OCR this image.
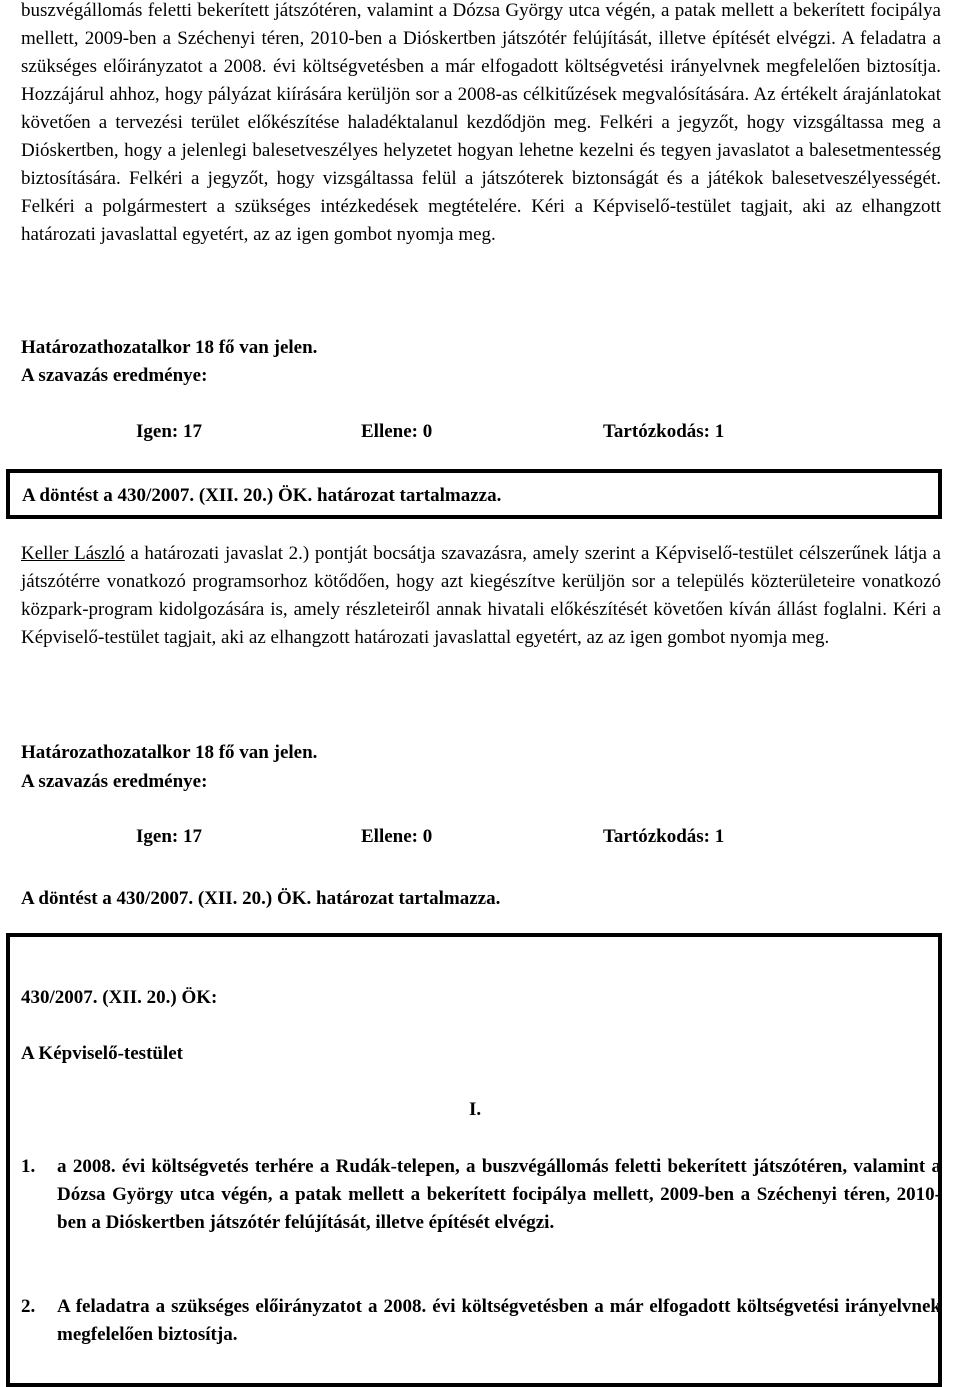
buszvégállomás feletti bekerített játszótéren, valamint a Dózsa György utca végén, a patak mellett a bekerített focipálya mellett, 2009-ben a Széchenyi téren, 2010-ben a Dióskertben játszótér felújítását, illetve építését elvégzi. A feladatra a szükséges előirányzatot a 2008. évi költségvetésben a már elfogadott költségvetési irányelvnek megfelelően biztosítja. Hozzájárul ahhoz, hogy pályázat kiírására kerüljön sor a 2008-as célkitűzések megvalósítására. Az értékelt árajánlatokat követően a tervezési terület előkészítése haladéktalanul kezdődjön meg. Felkéri a jegyzőt, hogy vizsgáltassa meg a Dióskertben, hogy a jelenlegi balesetveszélyes helyzetet hogyan lehetne kezelni és tegyen javaslatot a balesetmentesség biztosítására. Felkéri a jegyzőt, hogy vizsgáltassa felül a játszóterek biztonságát és a játékok balesetveszélyességét. Felkéri a polgármestert a szükséges intézkedések megtételére. Kéri a Képviselő-testület tagjait, aki az elhangzott határozati javaslattal egyetért, az az igen gombot nyomja meg.

Határozathozatalkor 18 fő van jelen.
A szavazás eredménye:
Igen: 17	Ellene: 0	Tartózkodás: 1
A döntést a 430/2007. (XII. 20.) ÖK. határozat tartalmazza.

Keller László a határozati javaslat 2.) pontját bocsátja szavazásra, amely szerint a Képviselő-testület célszerűnek látja a játszótérre vonatkozó programsorhoz kötődően, hogy azt kiegészítve kerüljön sor a település közterületeire vonatkozó közpark-program kidolgozására is, amely részleteiről annak hivatali előkészítését követően kíván állást foglalni. Kéri a Képviselő-testület tagjait, aki az elhangzott határozati javaslattal egyetért, az az igen gombot nyomja meg.

Határozathozatalkor 18 fő van jelen.
A szavazás eredménye:
Igen: 17	Ellene: 0	Tartózkodás: 1
A döntést a 430/2007. (XII. 20.) ÖK. határozat tartalmazza.
430/2007. (XII. 20.) ÖK:
A Képviselő-testület
I.
1. a 2008. évi költségvetés terhére a Rudák-telepen, a buszvégállomás feletti bekerített játszótéren, valamint a Dózsa György utca végén, a patak mellett a bekerített focipálya mellett, 2009-ben a Széchenyi téren, 2010-ben a Dióskertben játszótér felújítását, illetve építését elvégzi.
2. A feladatra a szükséges előirányzatot a 2008. évi költségvetésben a már elfogadott költségvetési irányelvnek megfelelően biztosítja.
